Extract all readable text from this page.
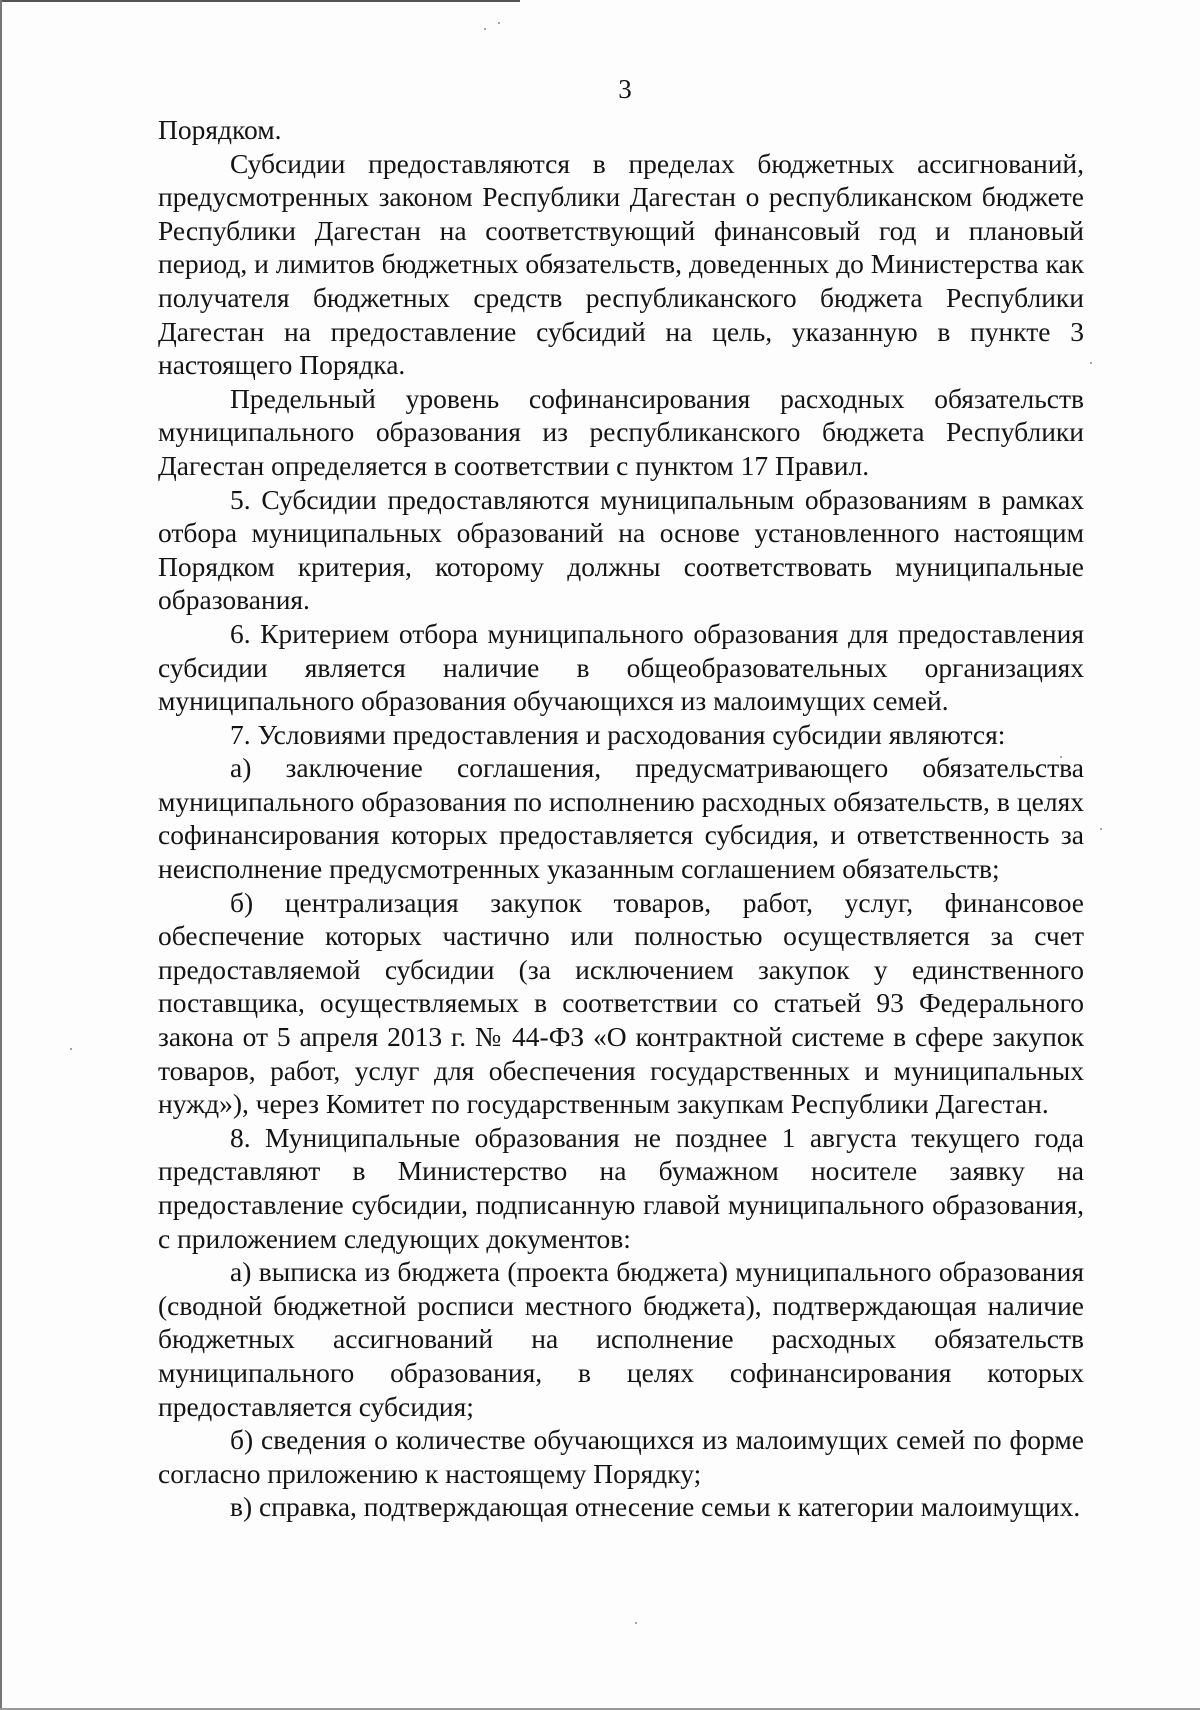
3

Порядком.

Субсидии предоставляются в пределах бюджетных ассигнований, предусмотренных законом Республики Дагестан о республиканском бюджете Республики Дагестан на соответствующий финансовый год и плановый период, и лимитов бюджетных обязательств, доведенных до Министерства как получателя бюджетных средств республиканского бюджета Республики Дагестан на предоставление субсидий на цель, указанную в пункте 3 настоящего Порядка.

Предельный уровень софинансирования расходных обязательств муниципального образования из республиканского бюджета Республики Дагестан определяется в соответствии с пунктом 17 Правил.

5. Субсидии предоставляются муниципальным образованиям в рамках отбора муниципальных образований на основе установленного настоящим Порядком критерия, которому должны соответствовать муниципальные образования.

6. Критерием отбора муниципального образования для предоставления субсидии является наличие в общеобразовательных организациях муниципального образования обучающихся из малоимущих семей.

7. Условиями предоставления и расходования субсидии являются:

а) заключение соглашения, предусматривающего обязательства муниципального образования по исполнению расходных обязательств, в целях софинансирования которых предоставляется субсидия, и ответственность за неисполнение предусмотренных указанным соглашением обязательств;

б) централизация закупок товаров, работ, услуг, финансовое обеспечение которых частично или полностью осуществляется за счет предоставляемой субсидии (за исключением закупок у единственного поставщика, осуществляемых в соответствии со статьей 93 Федерального закона от 5 апреля 2013 г. № 44-ФЗ «О контрактной системе в сфере закупок товаров, работ, услуг для обеспечения государственных и муниципальных нужд»), через Комитет по государственным закупкам Республики Дагестан.

8. Муниципальные образования не позднее 1 августа текущего года представляют в Министерство на бумажном носителе заявку на предоставление субсидии, подписанную главой муниципального образования, с приложением следующих документов:

а) выписка из бюджета (проекта бюджета) муниципального образования (сводной бюджетной росписи местного бюджета), подтверждающая наличие бюджетных ассигнований на исполнение расходных обязательств муниципального образования, в целях софинансирования которых предоставляется субсидия;

б) сведения о количестве обучающихся из малоимущих семей по форме согласно приложению к настоящему Порядку;

в) справка, подтверждающая отнесение семьи к категории малоимущих.
